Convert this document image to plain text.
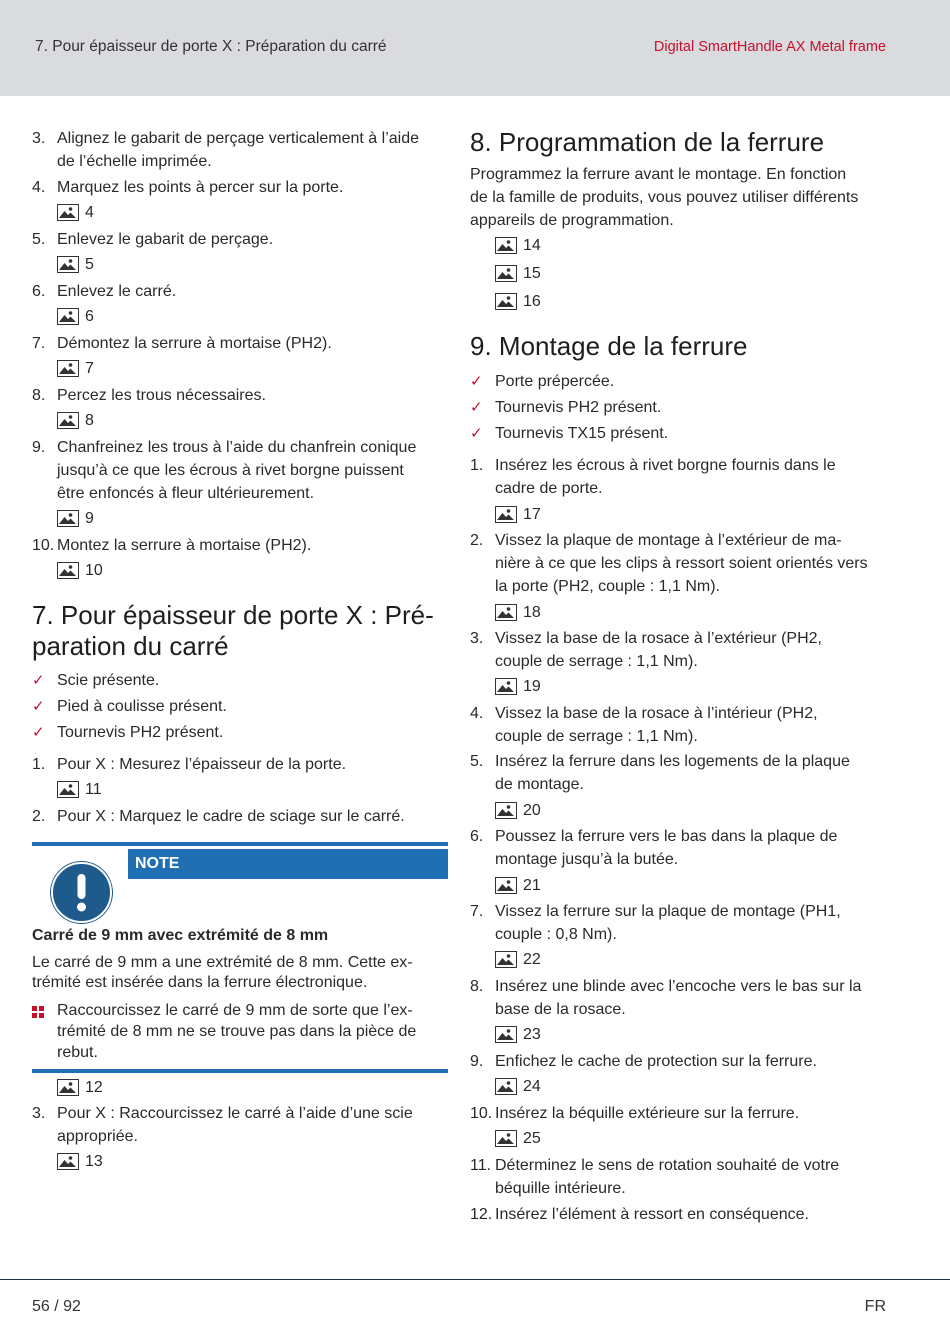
7. Pour épaisseur de porte X : Préparation du carré	Digital SmartHandle AX Metal frame
3. Alignez le gabarit de perçage verticalement à l’aide
de l’échelle imprimée.
4. Marquez les points à percer sur la porte.
4
5. Enlevez le gabarit de perçage.
5
6. Enlevez le carré.
6
7. Démontez la serrure à mortaise (PH2).
7
8. Percez les trous nécessaires.
8
9. Chanfreinez les trous à l’aide du chanfrein conique
jusqu’à ce que les écrous à rivet borgne puissent
être enfoncés à fleur ultérieurement.
9
10. Montez la serrure à mortaise (PH2).
10
7. Pour épaisseur de porte X : Pré-
paration du carré
✓ Scie présente.
✓ Pied à coulisse présent.
✓ Tournevis PH2 présent.
1. Pour X : Mesurez l’épaisseur de la porte.
11
2. Pour X : Marquez le cadre de sciage sur le carré.
NOTE
Carré de 9 mm avec extrémité de 8 mm
Le carré de 9 mm a une extrémité de 8 mm. Cette ex-
trémité est insérée dans la ferrure électronique.
Raccourcissez le carré de 9 mm de sorte que l’ex-
trémité de 8 mm ne se trouve pas dans la pièce de
rebut.
12
3. Pour X : Raccourcissez le carré à l’aide d’une scie
appropriée.
13
8. Programmation de la ferrure
Programmez la ferrure avant le montage. En fonction
de la famille de produits, vous pouvez utiliser différents
appareils de programmation.
14
15
16
9. Montage de la ferrure
✓ Porte prépercée.
✓ Tournevis PH2 présent.
✓ Tournevis TX15 présent.
1. Insérez les écrous à rivet borgne fournis dans le
cadre de porte.
17
2. Vissez la plaque de montage à l’extérieur de ma-
nière à ce que les clips à ressort soient orientés vers
la porte (PH2, couple : 1,1 Nm).
18
3. Vissez la base de la rosace à l’extérieur (PH2,
couple de serrage : 1,1 Nm).
19
4. Vissez la base de la rosace à l’intérieur (PH2,
couple de serrage : 1,1 Nm).
5. Insérez la ferrure dans les logements de la plaque
de montage.
20
6. Poussez la ferrure vers le bas dans la plaque de
montage jusqu’à la butée.
21
7. Vissez la ferrure sur la plaque de montage (PH1,
couple : 0,8 Nm).
22
8. Insérez une blinde avec l’encoche vers le bas sur la
base de la rosace.
23
9. Enfichez le cache de protection sur la ferrure.
24
10. Insérez la béquille extérieure sur la ferrure.
25
11. Déterminez le sens de rotation souhaité de votre
béquille intérieure.
12. Insérez l’élément à ressort en conséquence.
56 / 92	FR
